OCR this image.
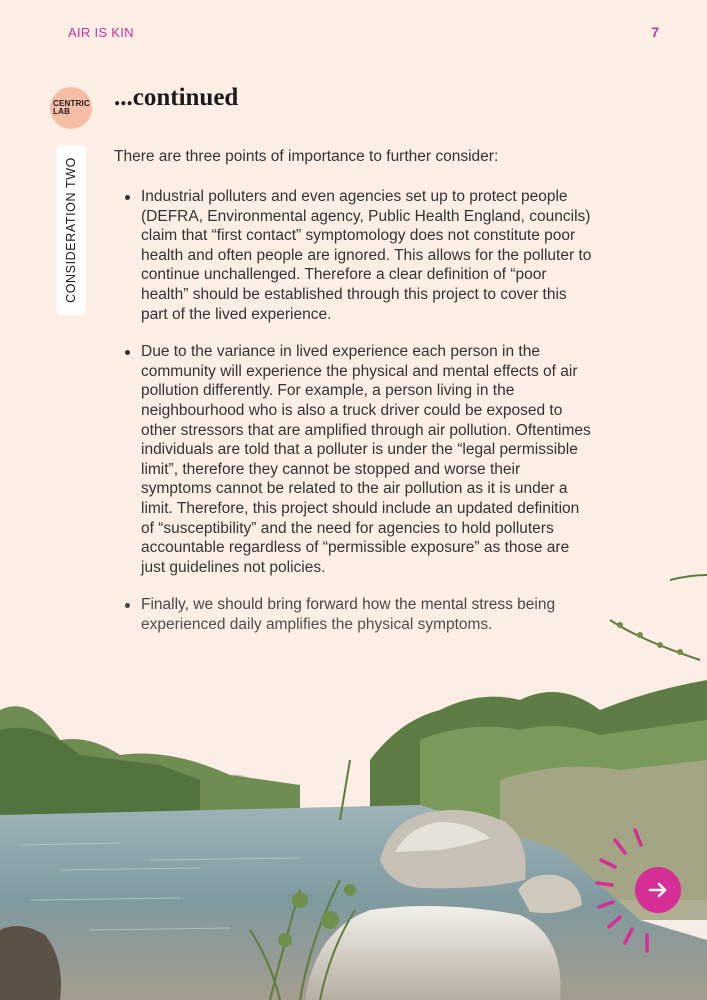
AIR IS KIN	7
CENTRIC
LAB
CONSIDERATION TWO
...continued

There are three points of importance to further consider:

Industrial polluters and even agencies set up to protect people (DEFRA, Environmental agency, Public Health England, councils) claim that “first contact” symptomology does not constitute poor health and often people are ignored. This allows for the polluter to continue unchallenged. Therefore a clear definition of “poor health” should be established through this project to cover this part of the lived experience.
Due to the variance in lived experience each person in the community will experience the physical and mental effects of air pollution differently. For example, a person living in the neighbourhood who is also a truck driver could be exposed to other stressors that are amplified through air pollution. Oftentimes individuals are told that a polluter is under the “legal permissible limit”, therefore they cannot be stopped and worse their symptoms cannot be related to the air pollution as it is under a limit. Therefore, this project should include an updated definition of “susceptibility” and the need for agencies to hold polluters accountable regardless of “permissible exposure” as those are
